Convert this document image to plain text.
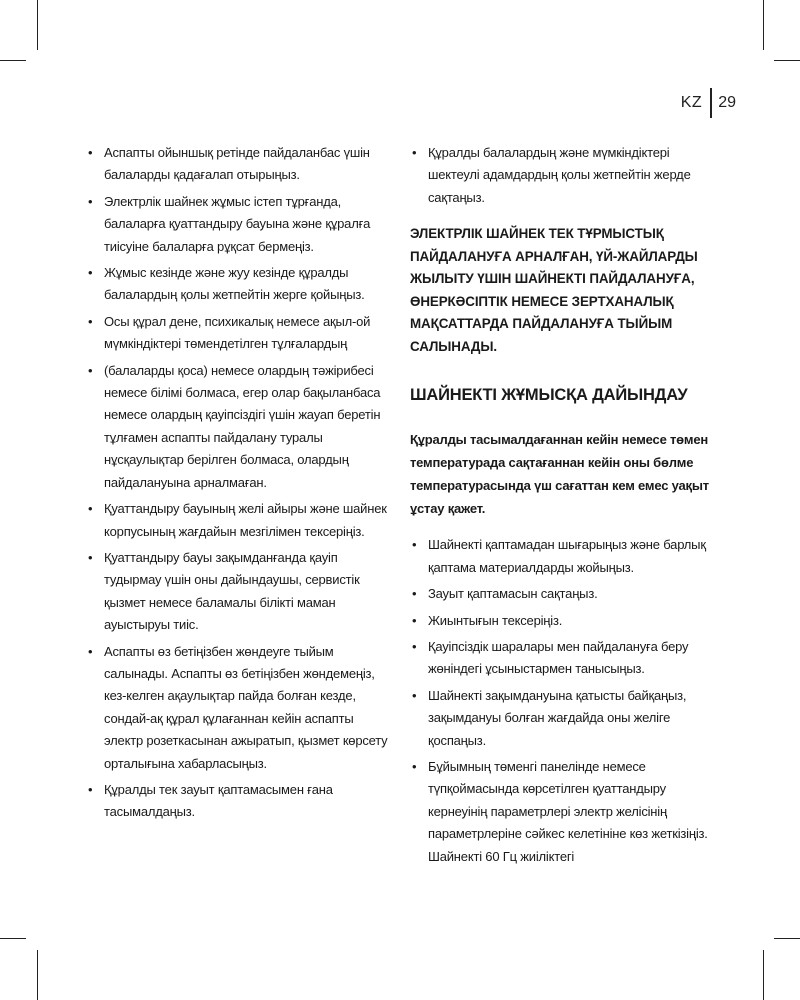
KZ	29
• Аспапты ойыншық ретінде пайдаланбас үшін балаларды қадағалап отырыңыз.
• Электрлік шайнек жұмыс істеп тұрғанда, балаларға қуаттандыру бауына және құралға тиісуіне балаларға рұқсат бермеңіз.
• Жұмыс кезінде және жуу кезінде құралды балалардың қолы жетпейтін жерге қойыңыз.
• Осы құрал дене, психикалық немесе ақыл-ой мүмкіндіктері төмендетілген тұлғалардың
• (балаларды қоса) немесе олардың тәжірибесі немесе білімі болмаса, егер олар бақыланбаса немесе олардың қауіпсіздігі үшін жауап беретін тұлғамен аспапты пайдалану туралы нұсқаулықтар берілген болмаса, олардың пайдалануына арналмаған.
• Қуаттандыру бауының желі айыры және шайнек корпусының жағдайын мезгілімен тексеріңіз.
• Қуаттандыру бауы зақымданғанда қауіп тудырмау үшін оны дайындаушы, сервистік қызмет немесе баламалы білікті маман ауыстыруы тиіс.
• Аспапты өз бетіңізбен жөндеуге тыйым салынады. Аспапты өз бетіңізбен жөндемеңіз, кез-келген ақаулықтар пайда болған кезде, сондай-ақ құрал құлағаннан кейін аспапты электр розеткасынан ажыратып, қызмет көрсету орталығына хабарласыңыз.
• Құралды тек зауыт қаптамасымен ғана тасымалдаңыз.
• Құралды балалардың және мүмкіндіктері шектеулі адамдардың қолы жетпейтін жерде сақтаңыз.

ЭЛЕКТРЛІК ШАЙНЕК ТЕК ТҰРМЫСТЫҚ ПАЙДАЛАНУҒА АРНАЛҒАН, ҮЙ-ЖАЙЛАРДЫ ЖЫЛЫТУ ҮШІН ШАЙНЕКТІ ПАЙДАЛАНУҒА, ӨНЕРКӘСІПТІК НЕМЕСЕ ЗЕРТХАНАЛЫҚ МАҚСАТТАРДА ПАЙДАЛАНУҒА ТЫЙЫМ САЛЫНАДЫ.

ШАЙНЕКТІ ЖҰМЫСҚА ДАЙЫНДАУ

Құралды тасымалдағаннан кейін немесе төмен температурада сақтағаннан кейін оны бөлме температурасында үш сағаттан кем емес уақыт ұстау қажет.

• Шайнекті қаптамадан шығарыңыз және барлық қаптама материалдарды жойыңыз.
• Зауыт қаптамасын сақтаңыз.
• Жиынтығын тексеріңіз.
• Қауіпсіздік шаралары мен пайдалануға беру жөніндегі ұсыныстармен танысыңыз.
• Шайнекті зақымдануына қатысты байқаңыз, зақымдануы болған жағдайда оны желіге қоспаңыз.
• Бұйымның төменгі панелінде немесе түпқоймасында көрсетілген қуаттандыру кернеуінің параметрлері электр желісінің параметрлеріне сәйкес келетініне көз жеткізіңіз. Шайнекті 60 Гц жиіліктегі
